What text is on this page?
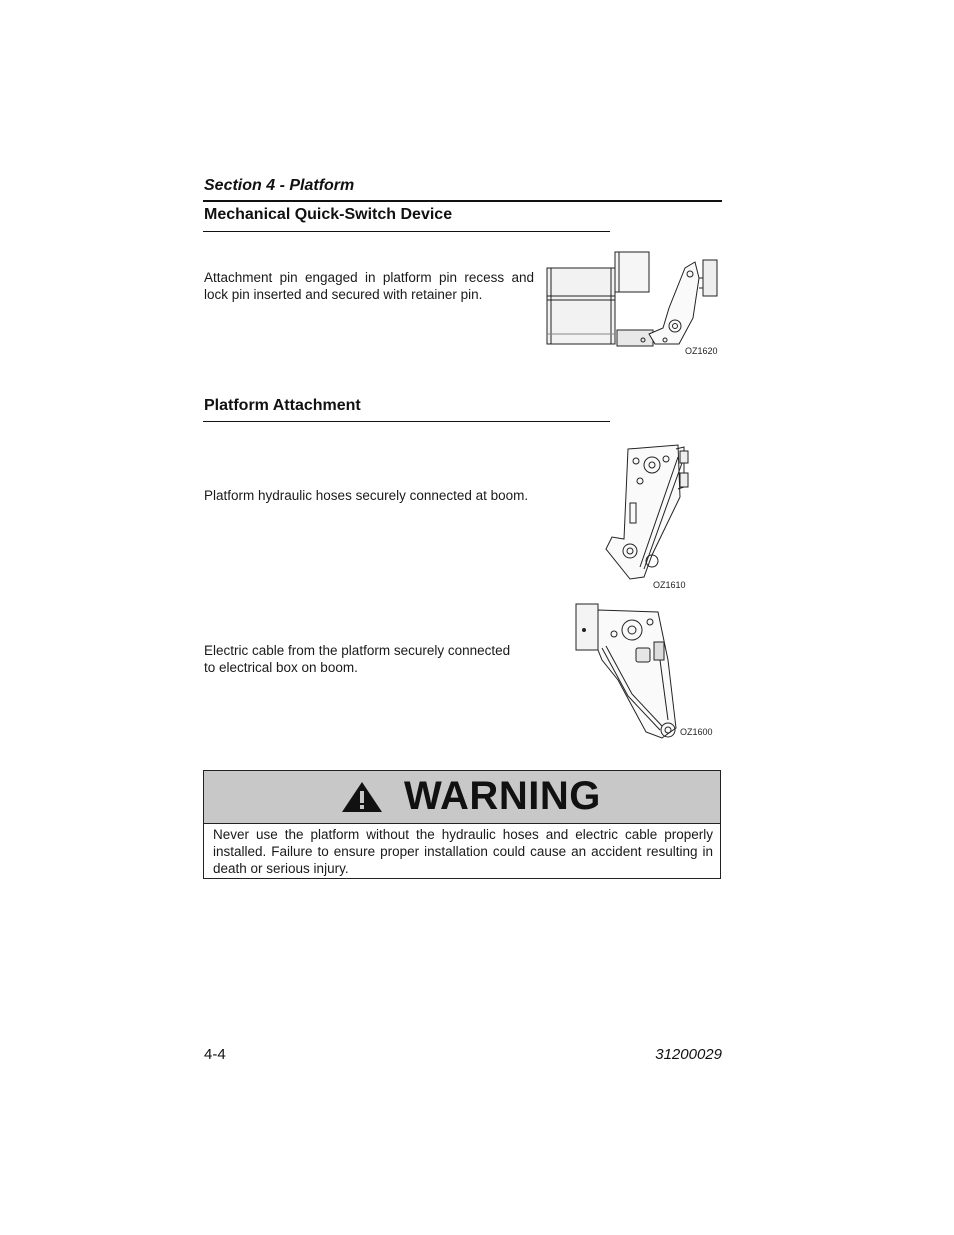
Section 4 - Platform
Mechanical Quick-Switch Device
Attachment pin engaged in platform pin recess and lock pin inserted and secured with retainer pin.
OZ1620
Platform Attachment
Platform hydraulic hoses securely connected at boom.
OZ1610
Electric cable from the platform securely connected
to electrical box on boom.
OZ1600
WARNING
Never use the platform without the hydraulic hoses and electric cable properly installed. Failure to ensure proper installation could cause an accident resulting in death or serious injury.
4-4	31200029
